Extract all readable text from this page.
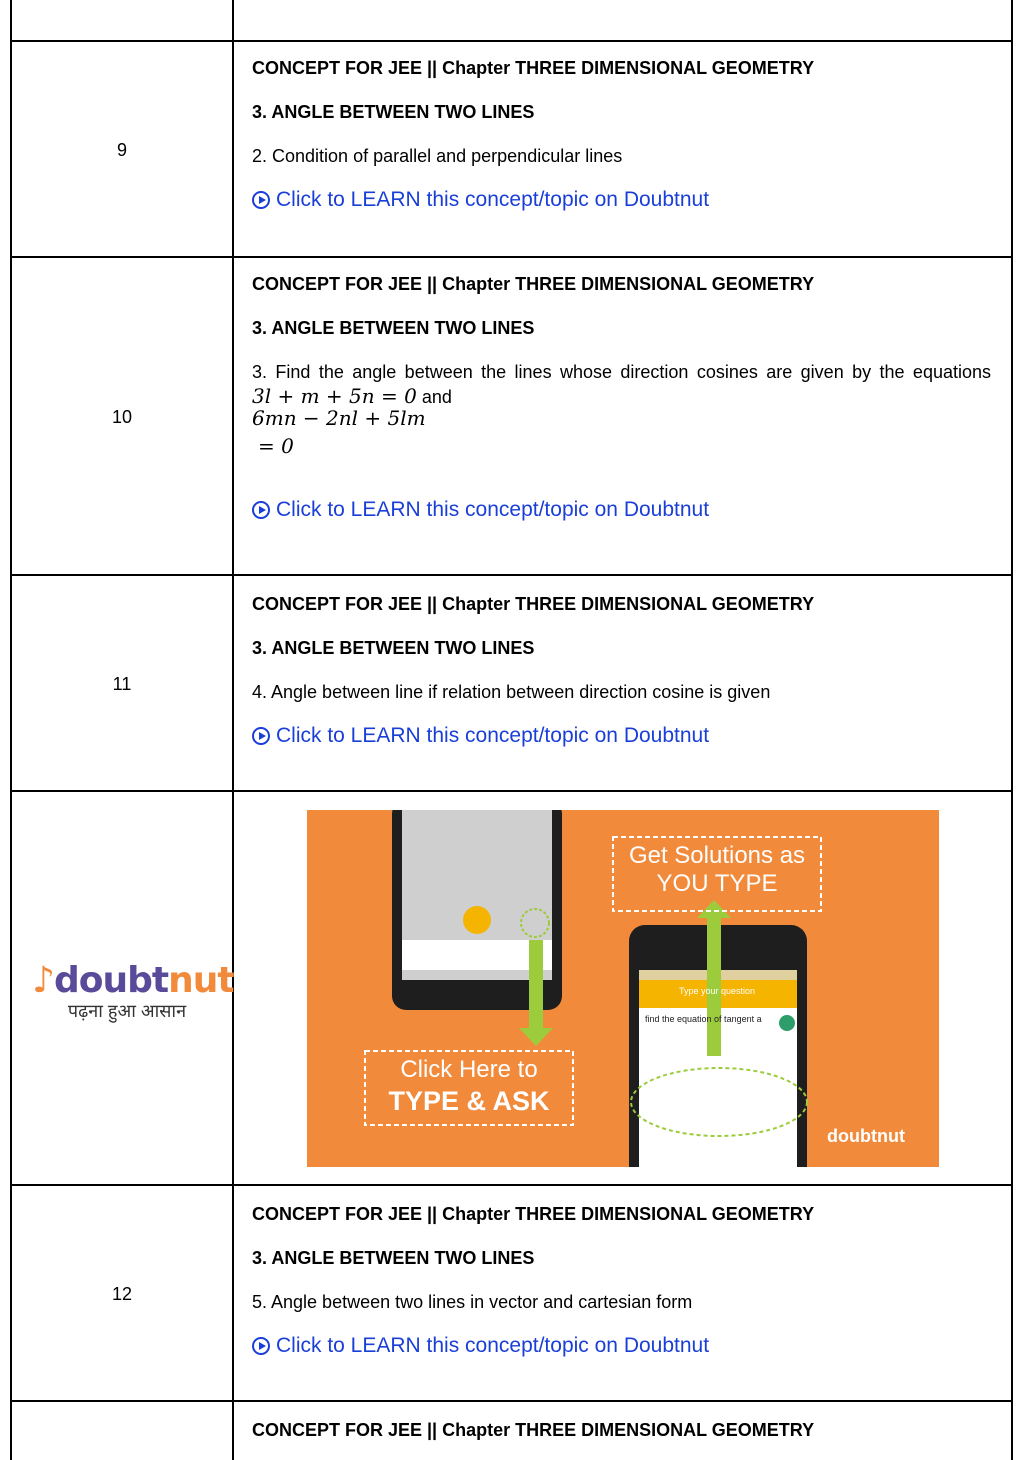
9
CONCEPT FOR JEE || Chapter THREE DIMENSIONAL GEOMETRY
3. ANGLE BETWEEN TWO LINES
2. Condition of parallel and perpendicular lines
Click to LEARN this concept/topic on Doubtnut
10
CONCEPT FOR JEE || Chapter THREE DIMENSIONAL GEOMETRY
3. ANGLE BETWEEN TWO LINES
3. Find the angle between the lines whose direction cosines are given by the equations
3l + m + 5n = 0 and
6mn − 2nl + 5lm
= 0
Click to LEARN this concept/topic on Doubtnut
11
CONCEPT FOR JEE || Chapter THREE DIMENSIONAL GEOMETRY
3. ANGLE BETWEEN TWO LINES
4. Angle between line if relation between direction cosine is given
Click to LEARN this concept/topic on Doubtnut
♪doubtnut
पढ़ना हुआ आसान
Get Solutions as
YOU TYPE
Click Here to
TYPE & ASK
Type your question
find the equation of tangent a
doubtnut
12
CONCEPT FOR JEE || Chapter THREE DIMENSIONAL GEOMETRY
3. ANGLE BETWEEN TWO LINES
5. Angle between two lines in vector and cartesian form
Click to LEARN this concept/topic on Doubtnut
CONCEPT FOR JEE || Chapter THREE DIMENSIONAL GEOMETRY
